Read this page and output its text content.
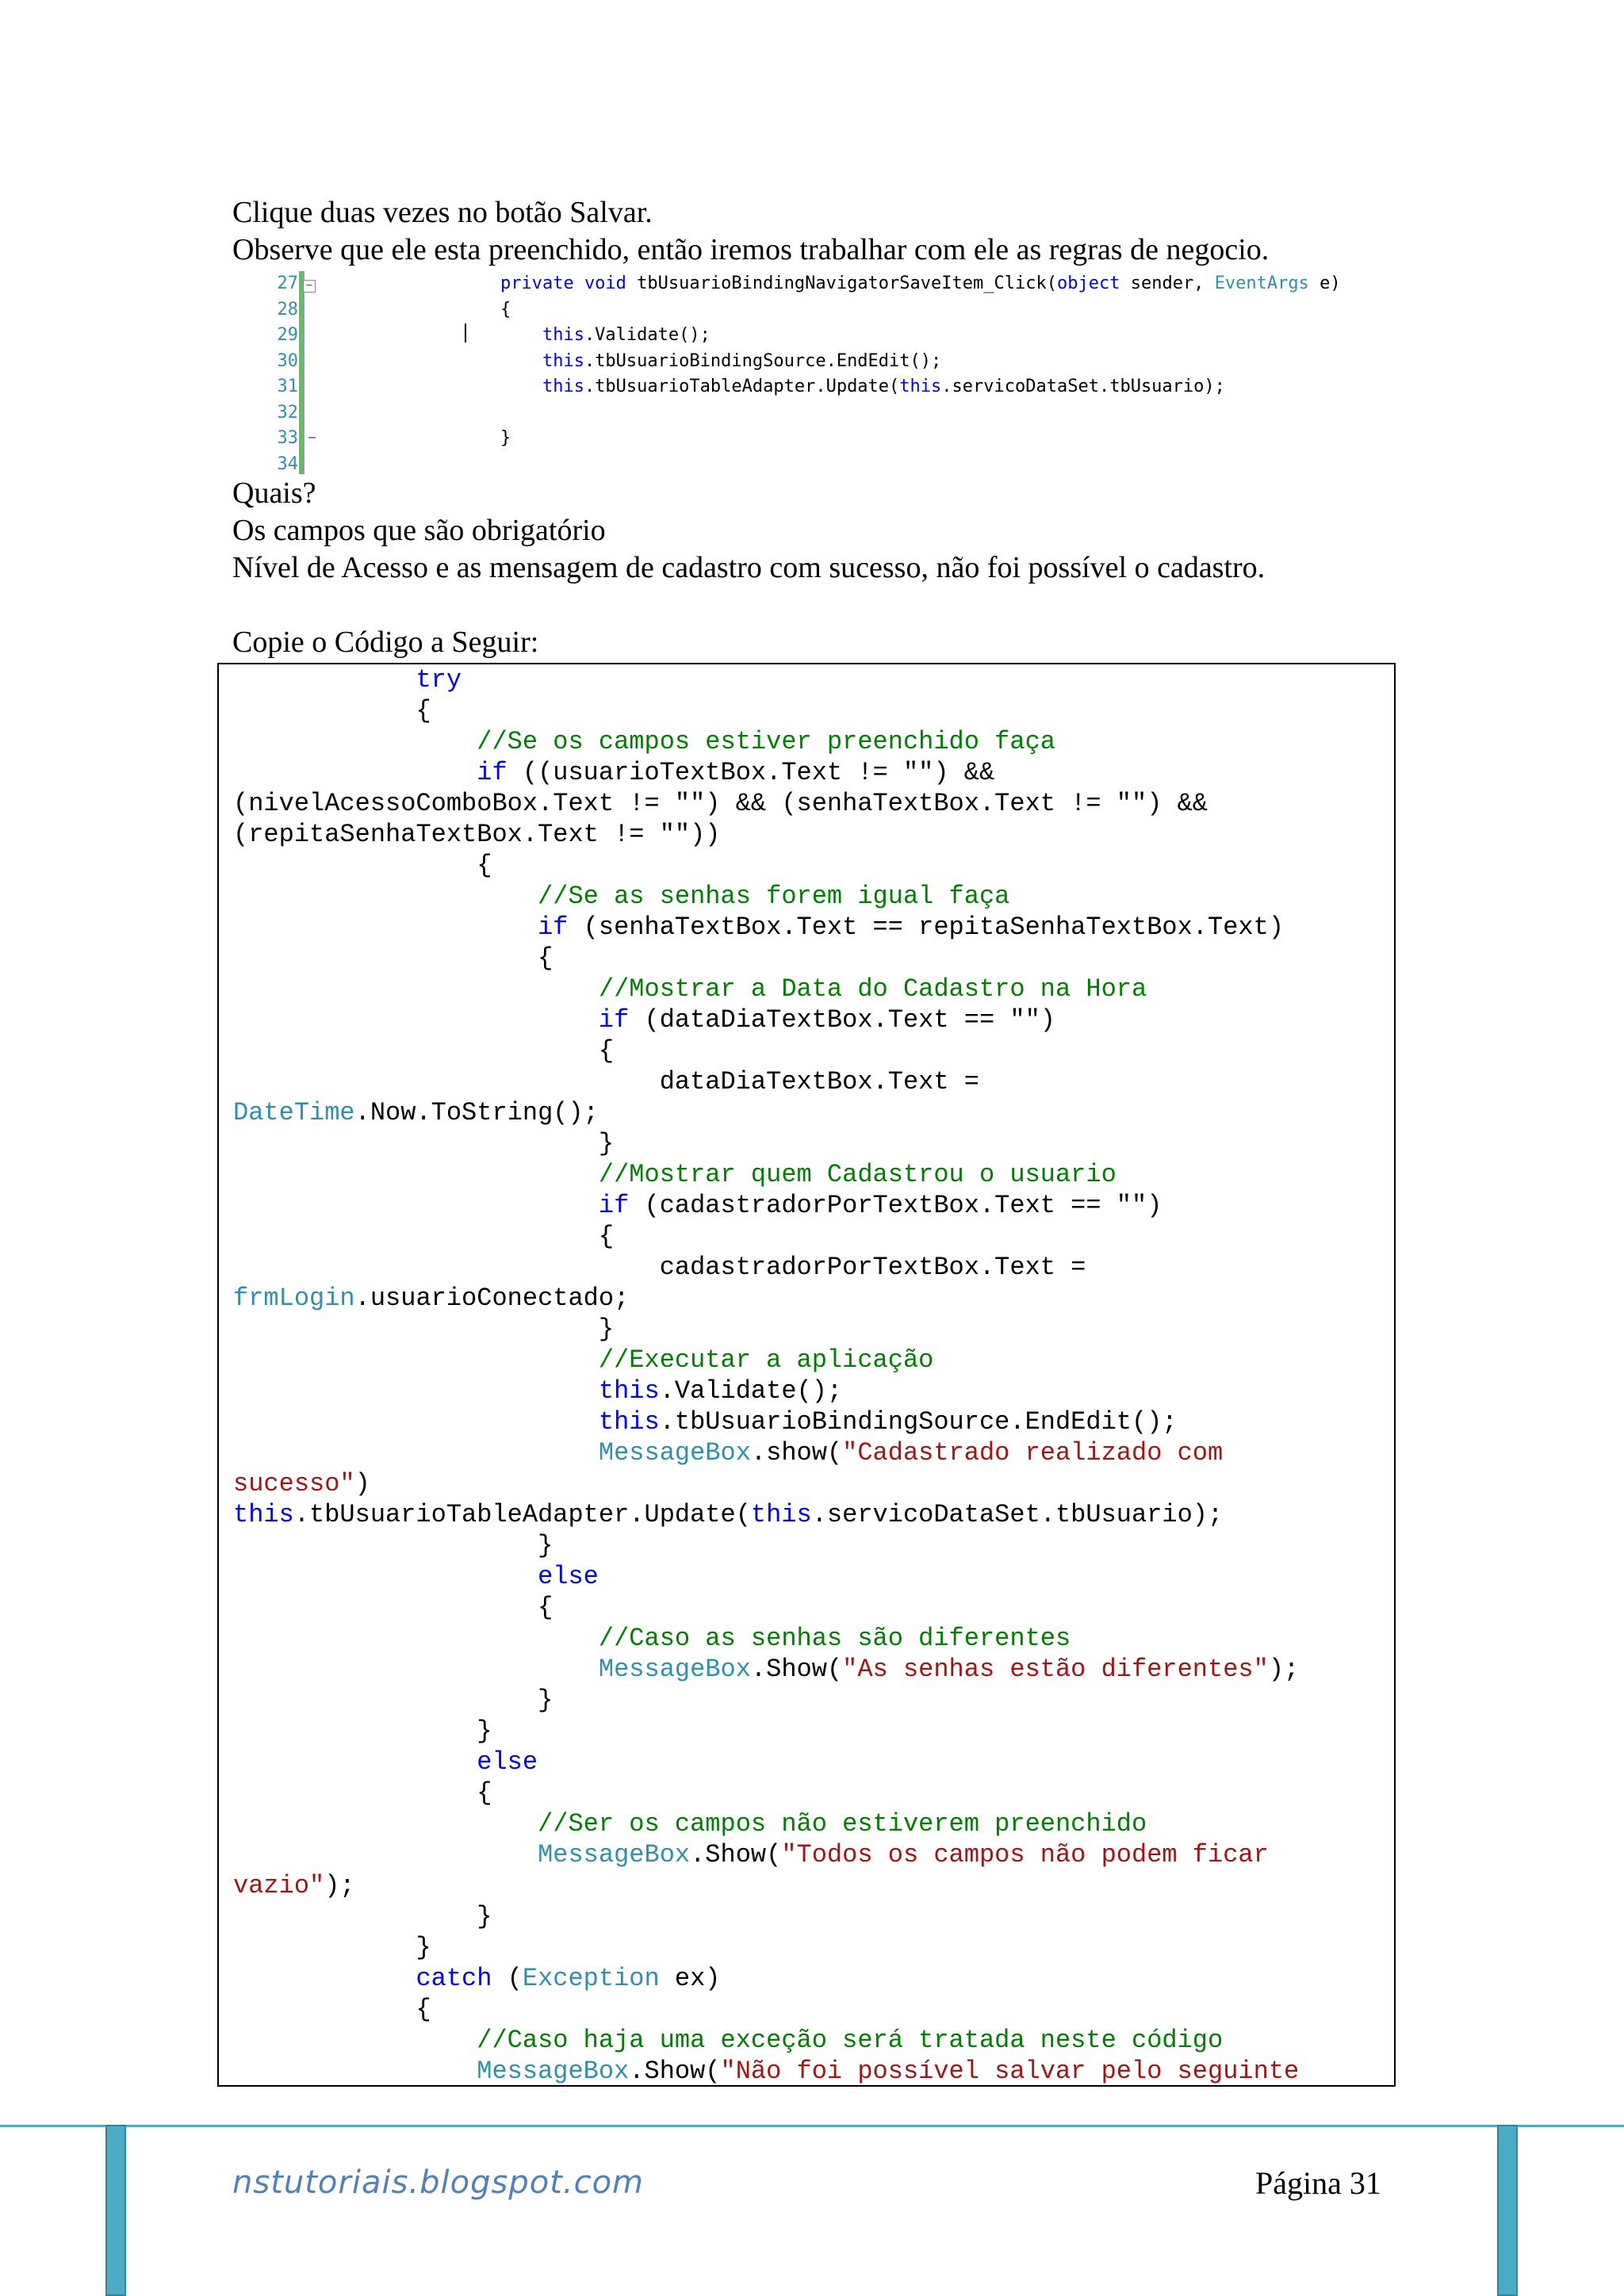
Clique duas vezes no botão Salvar.

Observe que ele esta preenchido, então iremos trabalhar com ele as regras de negocio.

−
27	private void tbUsuarioBindingNavigatorSaveItem_Click(object sender, EventArgs e)
28	{
29	this.Validate();
30	this.tbUsuarioBindingSource.EndEdit();
31	this.tbUsuarioTableAdapter.Update(this.servicoDataSet.tbUsuario);
32
33	}
34

Quais?

Os campos que são obrigatório

Nível de Acesso e as mensagem de cadastro com sucesso, não foi possível o cadastro.

Copie o Código a Seguir:

try
{
//Se os campos estiver preenchido faça
if ((usuarioTextBox.Text != "") &&
(nivelAcessoComboBox.Text != "") && (senhaTextBox.Text != "") &&
(repitaSenhaTextBox.Text != ""))
{
//Se as senhas forem igual faça
if (senhaTextBox.Text == repitaSenhaTextBox.Text)
{
//Mostrar a Data do Cadastro na Hora
if (dataDiaTextBox.Text == "")
{
dataDiaTextBox.Text =
DateTime.Now.ToString();
}
//Mostrar quem Cadastrou o usuario
if (cadastradorPorTextBox.Text == "")
{
cadastradorPorTextBox.Text =
frmLogin.usuarioConectado;
}
//Executar a aplicação
this.Validate();
this.tbUsuarioBindingSource.EndEdit();
MessageBox.show("Cadastrado realizado com
sucesso")
this.tbUsuarioTableAdapter.Update(this.servicoDataSet.tbUsuario);
}
else
{
//Caso as senhas são diferentes
MessageBox.Show("As senhas estão diferentes");
}
}
else
{
//Ser os campos não estiverem preenchido
MessageBox.Show("Todos os campos não podem ficar
vazio");
}
}
catch (Exception ex)
{
//Caso haja uma exceção será tratada neste código
MessageBox.Show("Não foi possível salvar pelo seguinte
nstutoriais.blogspot.com	Página 31
